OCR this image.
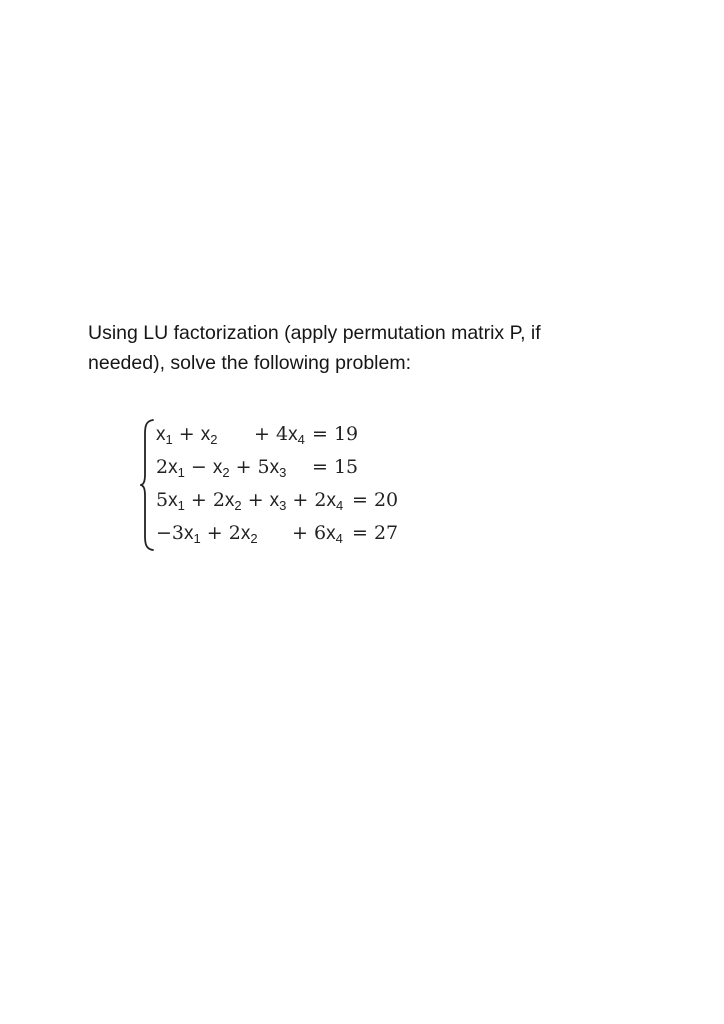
Using LU factorization (apply permutation matrix P, if needed), solve the following problem:

$x_1 + x_2 + 4x_4 = 19$
$2x_1 - x_2 + 5x_3 = 15$
$5x_1 + 2x_2 + x_3 + 2x_4 = 20$
$-3x_1 + 2x_2 + 6x_4 = 27$
